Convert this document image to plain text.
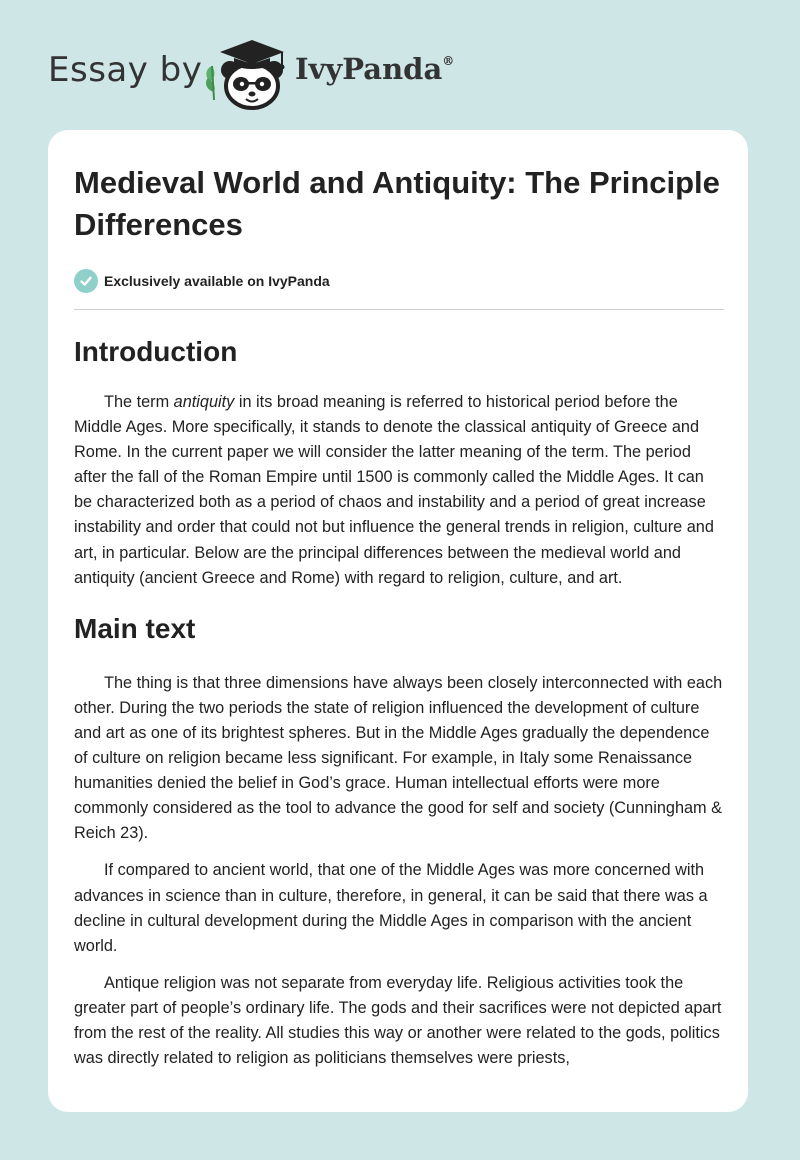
Essay by	IvyPanda®
Medieval World and Antiquity: The Principle Differences
Exclusively available on IvyPanda
Introduction

The term antiquity in its broad meaning is referred to historical period before the Middle Ages. More specifically, it stands to denote the classical antiquity of Greece and Rome. In the current paper we will consider the latter meaning of the term. The period after the fall of the Roman Empire until 1500 is commonly called the Middle Ages. It can be characterized both as a period of chaos and instability and a period of great increase instability and order that could not but influence the general trends in religion, culture and art, in particular. Below are the principal differences between the medieval world and antiquity (ancient Greece and Rome) with regard to religion, culture, and art.

Main text

The thing is that three dimensions have always been closely interconnected with each other. During the two periods the state of religion influenced the development of culture and art as one of its brightest spheres. But in the Middle Ages gradually the dependence of culture on religion became less significant. For example, in Italy some Renaissance humanities denied the belief in God’s grace. Human intellectual efforts were more commonly considered as the tool to advance the good for self and society (Cunningham & Reich 23).

If compared to ancient world, that one of the Middle Ages was more concerned with advances in science than in culture, therefore, in general, it can be said that there was a decline in cultural development during the Middle Ages in comparison with the ancient world.

Antique religion was not separate from everyday life. Religious activities took the greater part of people’s ordinary life. The gods and their sacrifices were not depicted apart from the rest of the reality. All studies this way or another were related to the gods, politics was directly related to religion as politicians themselves were priests,
